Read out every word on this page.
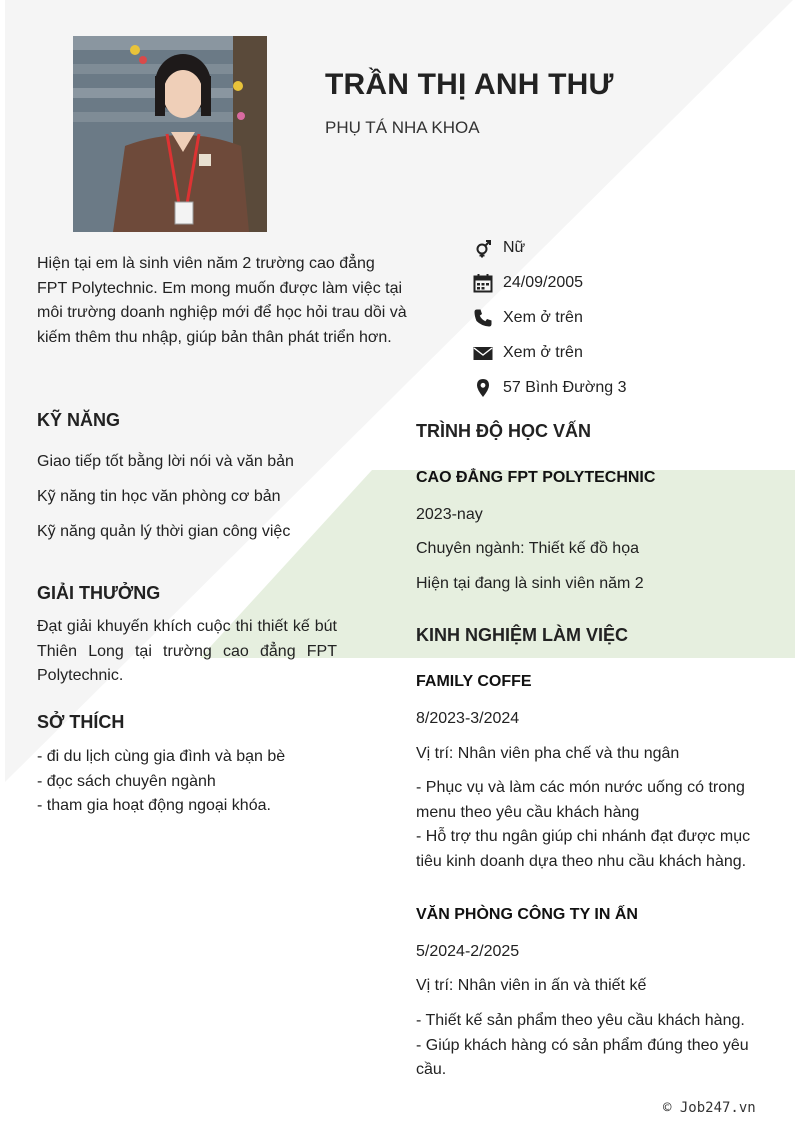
TRẦN THỊ ANH THƯ
PHỤ TÁ NHA KHOA
Nữ
24/09/2005
Xem ở trên
Xem ở trên
57 Bình Đường 3

Hiện tại em là sinh viên năm 2 trường cao đẳng FPT Polytechnic. Em mong muốn được làm việc tại môi trường doanh nghiệp mới để học hỏi trau dồi và kiếm thêm thu nhập, giúp bản thân phát triển hơn.

KỸ NĂNG
Giao tiếp tốt bằng lời nói và văn bản
Kỹ năng tin học văn phòng cơ bản
Kỹ năng quản lý thời gian công việc
GIẢI THƯỞNG

Đạt giải khuyến khích cuộc thi thiết kế bút Thiên Long tại trường cao đẳng FPT Polytechnic.

SỞ THÍCH
- đi du lịch cùng gia đình và bạn bè
- đọc sách chuyên ngành
- tham gia hoạt động ngoại khóa.
TRÌNH ĐỘ HỌC VẤN
CAO ĐẲNG FPT POLYTECHNIC
2023-nay
Chuyên ngành: Thiết kế đồ họa
Hiện tại đang là sinh viên năm 2
KINH NGHIỆM LÀM VIỆC
FAMILY COFFE
8/2023-3/2024
Vị trí: Nhân viên pha chế và thu ngân
- Phục vụ và làm các món nước uống có trong menu theo yêu cầu khách hàng
- Hỗ trợ thu ngân giúp chi nhánh đạt được mục tiêu kinh doanh dựa theo nhu cầu khách hàng.
VĂN PHÒNG CÔNG TY IN ẤN
5/2024-2/2025
Vị trí: Nhân viên in ấn và thiết kế
- Thiết kế sản phẩm theo yêu cầu khách hàng.
- Giúp khách hàng có sản phẩm đúng theo yêu cầu.
© Job247.vn
